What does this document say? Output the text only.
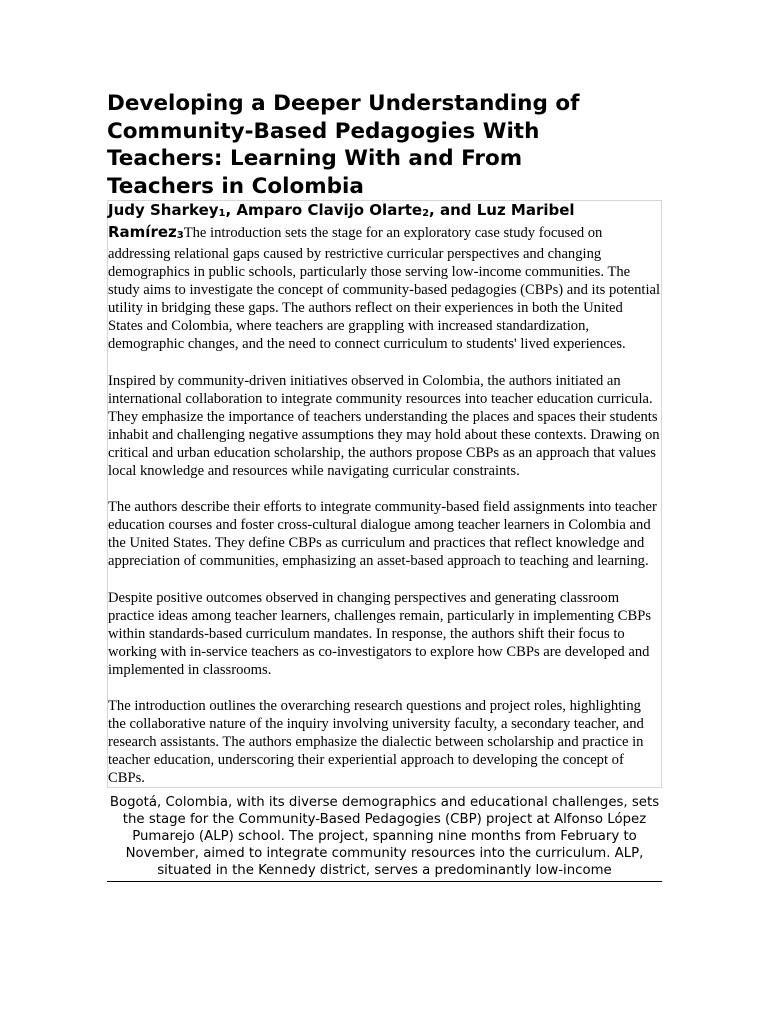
Developing a Deeper Understanding of Community-Based Pedagogies With Teachers: Learning With and From Teachers in Colombia
Judy Sharkey$_1$, Amparo Clavijo Olarte$_2$, and Luz Maribel Ramírez$_3$The introduction sets the stage for an exploratory case study focused on addressing relational gaps caused by restrictive curricular perspectives and changing demographics in public schools, particularly those serving low-income communities. The study aims to investigate the concept of community-based pedagogies (CBPs) and its potential utility in bridging these gaps. The authors reflect on their experiences in both the United States and Colombia, where teachers are grappling with increased standardization, demographic changes, and the need to connect curriculum to students' lived experiences.

Inspired by community-driven initiatives observed in Colombia, the authors initiated an international collaboration to integrate community resources into teacher education curricula. They emphasize the importance of teachers understanding the places and spaces their students inhabit and challenging negative assumptions they may hold about these contexts. Drawing on critical and urban education scholarship, the authors propose CBPs as an approach that values local knowledge and resources while navigating curricular constraints.

The authors describe their efforts to integrate community-based field assignments into teacher education courses and foster cross-cultural dialogue among teacher learners in Colombia and the United States. They define CBPs as curriculum and practices that reflect knowledge and appreciation of communities, emphasizing an asset-based approach to teaching and learning.

Despite positive outcomes observed in changing perspectives and generating classroom practice ideas among teacher learners, challenges remain, particularly in implementing CBPs within standards-based curriculum mandates. In response, the authors shift their focus to working with in-service teachers as co-investigators to explore how CBPs are developed and implemented in classrooms.

The introduction outlines the overarching research questions and project roles, highlighting the collaborative nature of the inquiry involving university faculty, a secondary teacher, and research assistants. The authors emphasize the dialectic between scholarship and practice in teacher education, underscoring their experiential approach to developing the concept of CBPs.

Bogotá, Colombia, with its diverse demographics and educational challenges, sets the stage for the Community-Based Pedagogies (CBP) project at Alfonso López Pumarejo (ALP) school. The project, spanning nine months from February to November, aimed to integrate community resources into the curriculum. ALP, situated in the Kennedy district, serves a predominantly low-income
